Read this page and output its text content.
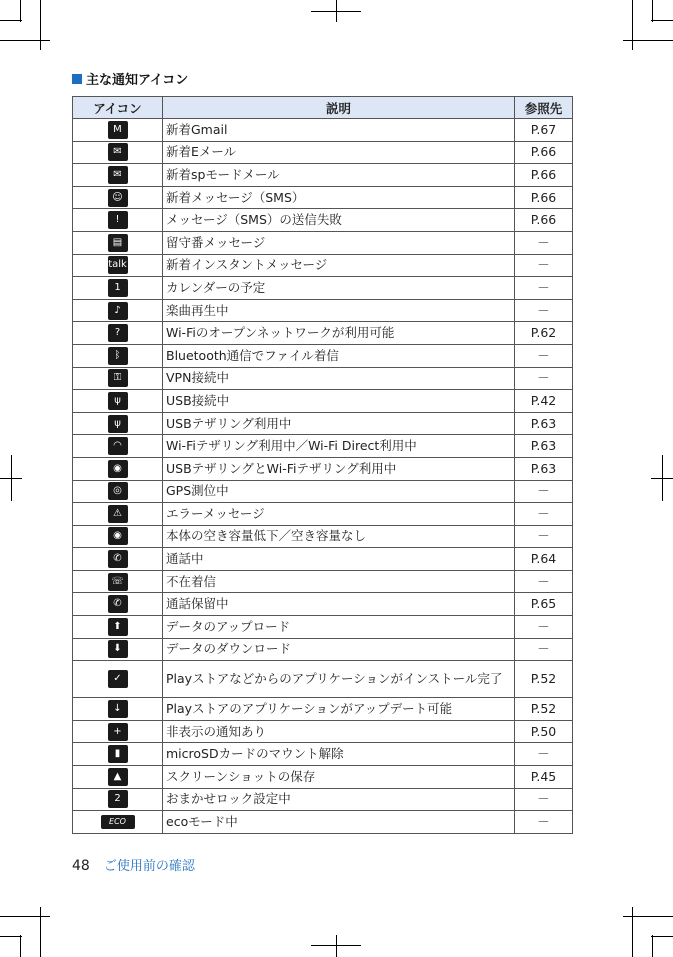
主な通知アイコン
アイコン	説明	参照先
M	新着Gmail	P.67
✉	新着Eメール	P.66
✉	新着spモードメール	P.66
☺	新着メッセージ（SMS）	P.66
!	メッセージ（SMS）の送信失敗	P.66
▤	留守番メッセージ	－
talk	新着インスタントメッセージ	－
1	カレンダーの予定	－
♪	楽曲再生中	－
?	Wi-Fiのオープンネットワークが利用可能	P.62
ᛒ	Bluetooth通信でファイル着信	－
⚿	VPN接続中	－
ψ	USB接続中	P.42
ψ	USBテザリング利用中	P.63
◠	Wi-Fiテザリング利用中／Wi-Fi Direct利用中	P.63
◉	USBテザリングとWi-Fiテザリング利用中	P.63
◎	GPS測位中	－
⚠	エラーメッセージ	－
◉	本体の空き容量低下／空き容量なし	－
✆	通話中	P.64
☏	不在着信	－
✆	通話保留中	P.65
⬆	データのアップロード	－
⬇	データのダウンロード	－
✓	Playストアなどからのアプリケーションがインストール完了	P.52
↓	Playストアのアプリケーションがアップデート可能	P.52
+	非表示の通知あり	P.50
▮	microSDカードのマウント解除	－
▲	スクリーンショットの保存	P.45
2	おまかせロック設定中	－
ECO	ecoモード中	－
48 ご使用前の確認
